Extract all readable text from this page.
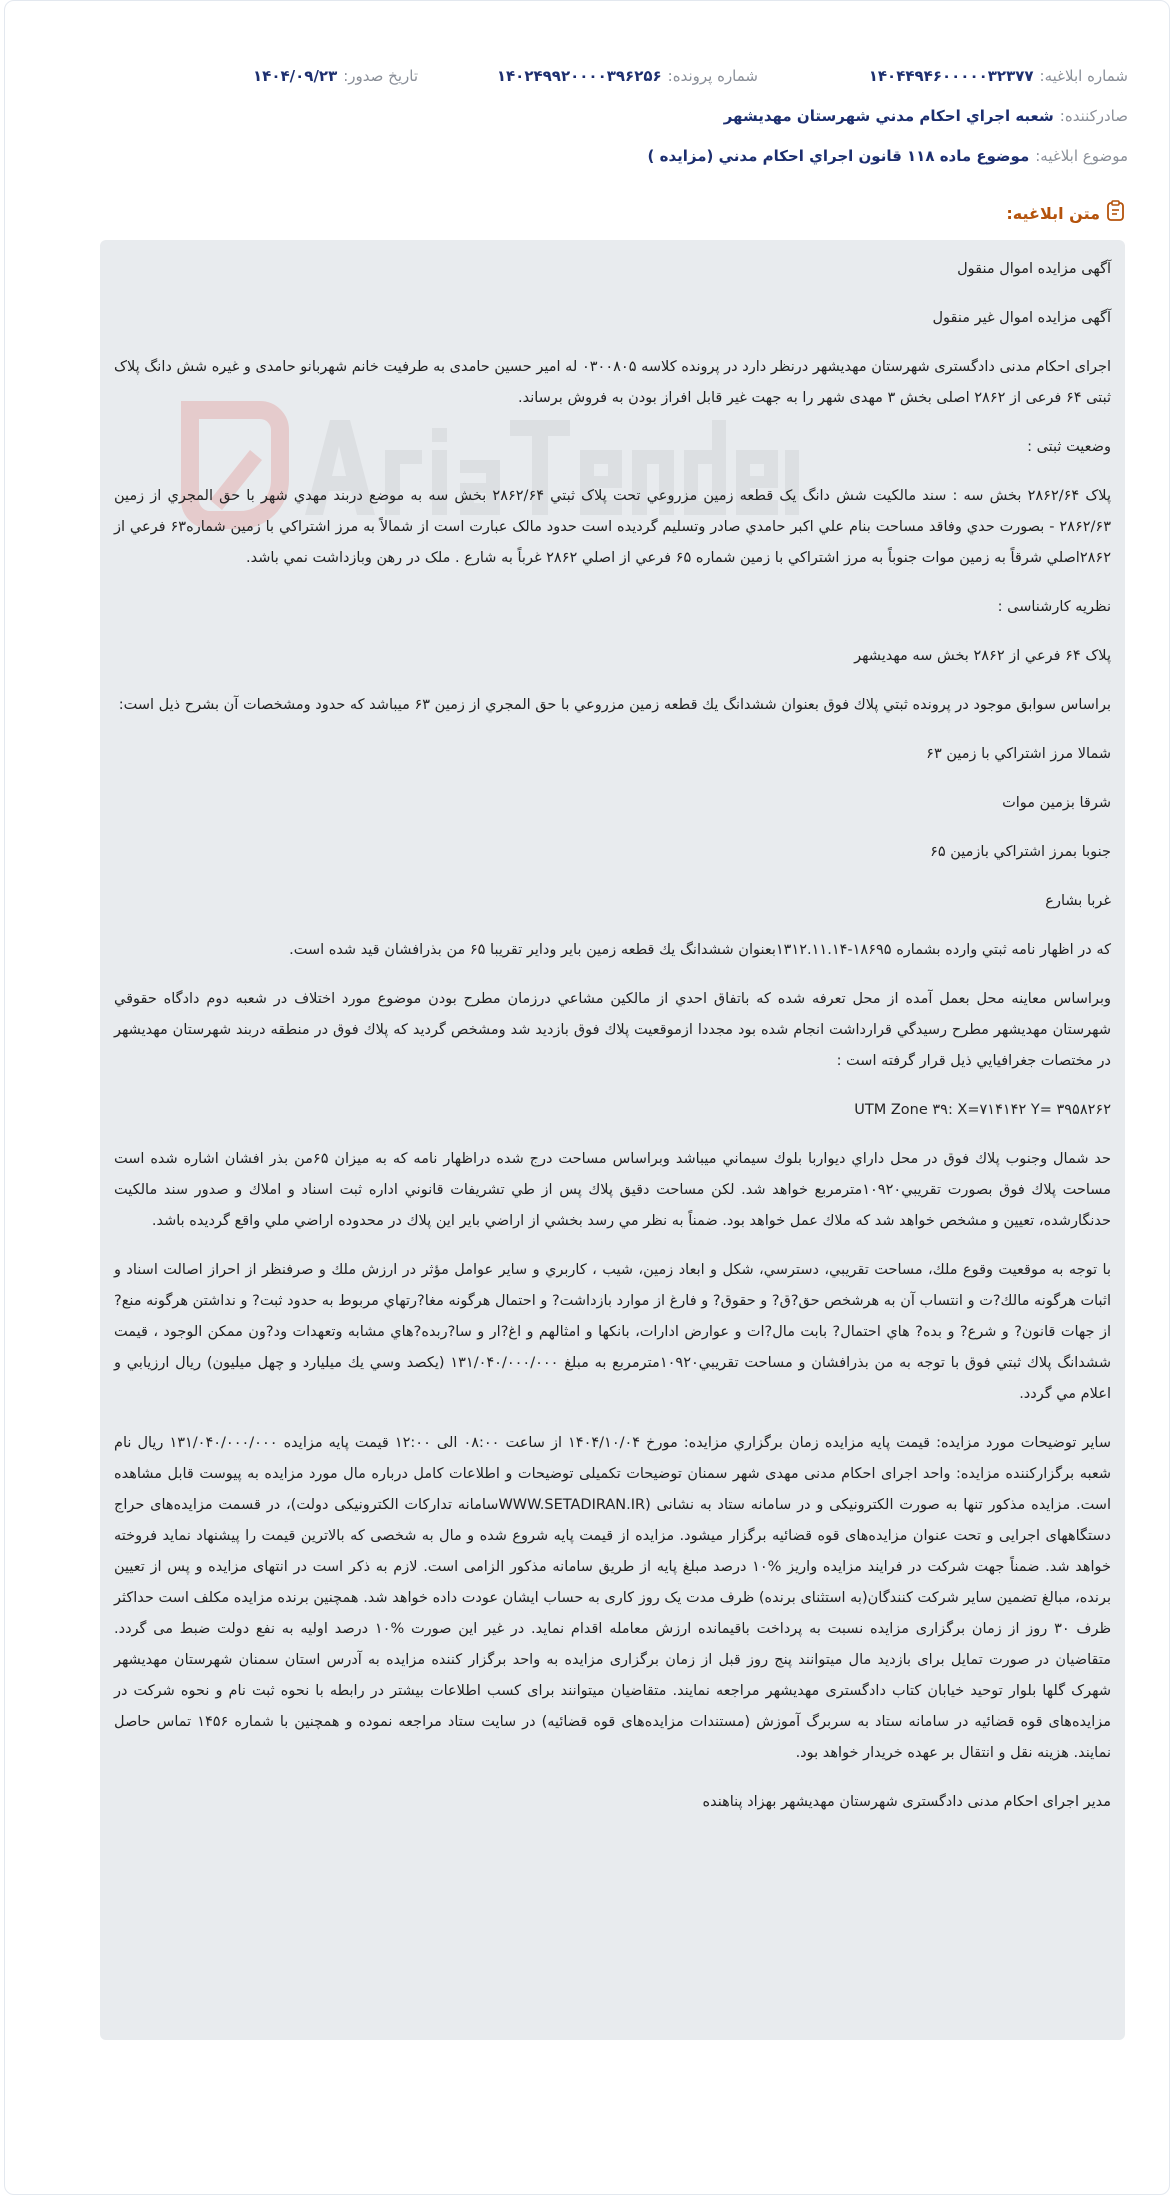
شماره ابلاغیه:
۱۴۰۴۴۹۴۶۰۰۰۰۰۳۲۳۷۷
شماره پرونده:
۱۴۰۲۴۹۹۲۰۰۰۰۳۹۶۲۵۶
تاریخ صدور:
۱۴۰۴/۰۹/۲۳
صادرکننده:
شعبه اجراي احكام مدني شهرستان مهديشهر
موضوع ابلاغیه:
موضوع ماده ١١٨ قانون اجراي احكام مدني (مزايده )
متن ابلاغیه:

آگهی مزایده اموال منقول

آگهی مزایده اموال غیر منقول

اجرای احکام مدنی دادگستری شهرستان مهدیشهر درنظر دارد در پرونده کلاسه ۰۳۰۰۸۰۵ له امیر حسین حامدی به طرفیت خانم شهربانو حامدی و غیره شش دانگ پلاک ثبتی ۶۴ فرعی از ۲۸۶۲ اصلی بخش ۳ مهدی شهر را به جهت غیر قابل افراز بودن به فروش برساند.

وضعیت ثبتی :

پلاک ۲۸۶۲/۶۴ بخش سه : سند مالکیت شش دانگ یک قطعه زمین مزروعي تحت پلاک ثبتي ۲۸۶۲/۶۴ بخش سه به موضع دربند مهدي شهر با حق المجري از زمین ۲۸۶۲/۶۳ - بصورت حدي وفاقد مساحت بنام علي اكبر حامدي صادر وتسليم گرديده است حدود مالک عبارت است از شمالاً به مرز اشتراكي با زمين شماره۶۳ فرعي از ۲۸۶۲اصلي شرقاً به زمين موات جنوباً به مرز اشتراكي با زمين شماره ۶۵ فرعي از اصلي ۲۸۶۲ غرباً به شارع . ملک در رهن وبازداشت نمي باشد.

نظریه کارشناسی :

پلاک ۶۴ فرعي از ۲۸۶۲ بخش سه مهديشهر

براساس سوابق موجود در پرونده ثبتي پلاك فوق بعنوان ششدانگ يك قطعه زمين مزروعي با حق المجري از زمين ۶۳ ميباشد كه حدود ومشخصات آن بشرح ذيل است:

شمالا مرز اشتراكي با زمين ۶۳

شرقا بزمين موات

جنوبا بمرز اشتراكي بازمين ۶۵

غربا بشارع

كه در اظهار نامه ثبتي وارده بشماره ۱۸۶۹۵-۱۳۱۲.۱۱.۱۴بعنوان ششدانگ يك قطعه زمين باير وداير تقريبا ۶۵ من بذرافشان قيد شده است.

وبراساس معاينه محل بعمل آمده از محل تعرفه شده كه باتفاق احدي از مالكين مشاعي درزمان مطرح بودن موضوع مورد اختلاف در شعبه دوم دادگاه حقوقي شهرستان مهديشهر مطرح رسيدگي قرارداشت انجام شده بود مجددا ازموقعيت پلاك فوق بازديد شد ومشخص گرديد كه پلاك فوق در منطقه دربند شهرستان مهديشهر در مختصات جغرافيايي ذيل قرار گرفته است :

UTM Zone ۳۹: X=۷۱۴۱۴۲ Y= ۳۹۵۸۲۶۲

حد شمال وجنوب پلاك فوق در محل داراي ديواربا بلوك سيماني ميباشد وبراساس مساحت درج شده دراظهار نامه كه به ميزان ۶۵من بذر افشان اشاره شده است مساحت پلاك فوق بصورت تقريبي۱۰۹۲۰مترمربع خواهد شد. لكن مساحت دقيق پلاك پس از طي تشريفات قانوني اداره ثبت اسناد و املاك و صدور سند مالكيت حدنگارشده، تعيين و مشخص خواهد شد كه ملاك عمل خواهد بود. ضمناً به نظر مي رسد بخشي از اراضي باير اين پلاك در محدوده اراضي ملي واقع گرديده باشد.

با توجه به موقعيت وقوع ملك، مساحت تقريبي، دسترسي، شكل و ابعاد زمين، شيب ، كاربري و ساير عوامل مؤثر در ارزش ملك و صرفنظر از احراز اصالت اسناد و اثبات هرگونه مالك?ت و انتساب آن به هرشخص حق?ق? و حقوق? و فارغ از موارد بازداشت? و احتمال هرگونه مغا?رتهاي مربوط به حدود ثبت? و نداشتن هرگونه منع? از جهات قانون? و شرع? و بده? هاي احتمال? بابت مال?ات و عوارض ادارات، بانكها و امثالهم و اغ?ار و سا?ربده?هاي مشابه وتعهدات ود?ون ممكن الوجود ، قيمت ششدانگ پلاك ثبتي فوق با توجه به من بذرافشان و مساحت تقريبي۱۰۹۲۰مترمربع به مبلغ ۱۳۱/۰۴۰/۰۰۰/۰۰۰ (يكصد وسي يك ميليارد و چهل ميليون) ريال ارزيابي و اعلام مي گردد.

سایر توضیحات مورد مزایده: قیمت پایه مزایده زمان برگزاري مزایده: مورخ ۱۴۰۴/۱۰/۰۴ از ساعت ۰۸:۰۰ الی ۱۲:۰۰ قیمت پایه مزایده ۱۳۱/۰۴۰/۰۰۰/۰۰۰ ریال نام شعبه برگزارکننده مزایده: واحد اجرای احکام مدنی مهدی شهر سمنان توضیحات تکمیلی توضیحات و اطلاعات کامل درباره مال مورد مزایده به پیوست قابل مشاهده است. مزایده مذکور تنها به صورت الکترونیکی و در سامانه ستاد به نشانی (WWW.SETADIRAN.IRسامانه تدارکات الکترونیکی دولت)، در قسمت مزایده‌های حراج دستگاههای اجرایی و تحت عنوان مزایده‌های قوه قضائیه برگزار میشود. مزایده از قیمت پایه شروع شده و مال به شخصی که بالاترین قیمت را پیشنهاد نماید فروخته خواهد شد. ضمناً جهت شرکت در فرایند مزایده واریز %۱۰ درصد مبلغ پایه از طریق سامانه مذکور الزامی است. لازم به ذکر است در انتهای مزایده و پس از تعیین برنده، مبالغ تضمین سایر شرکت کنندگان(به استثنای برنده) ظرف مدت یک روز کاری به حساب ایشان عودت داده خواهد شد. همچنین برنده مزایده مکلف است حداکثر ظرف ۳۰ روز از زمان برگزاری مزایده نسبت به پرداخت باقیمانده ارزش معامله اقدام نماید. در غیر این صورت %۱۰ درصد اولیه به نفع دولت ضبط می گردد. متقاضیان در صورت تمایل برای بازدید مال میتوانند پنج روز قبل از زمان برگزاری مزایده به واحد برگزار کننده مزایده به آدرس استان سمنان شهرستان مهدیشهر شهرک گلها بلوار توحید خیابان کتاب دادگستری مهدیشهر مراجعه نمایند. متقاضیان میتوانند برای کسب اطلاعات بیشتر در رابطه با نحوه ثبت نام و نحوه شرکت در مزایده‌های قوه قضائیه در سامانه ستاد به سربرگ آموزش (مستندات مزایده‌های قوه قضائیه) در سایت ستاد مراجعه نموده و همچنین با شماره ۱۴۵۶ تماس حاصل نمایند. هزینه نقل و انتقال بر عهده خریدار خواهد بود.

مدیر اجرای احکام مدنی دادگستری شهرستان مهدیشهر بهزاد پناهنده
